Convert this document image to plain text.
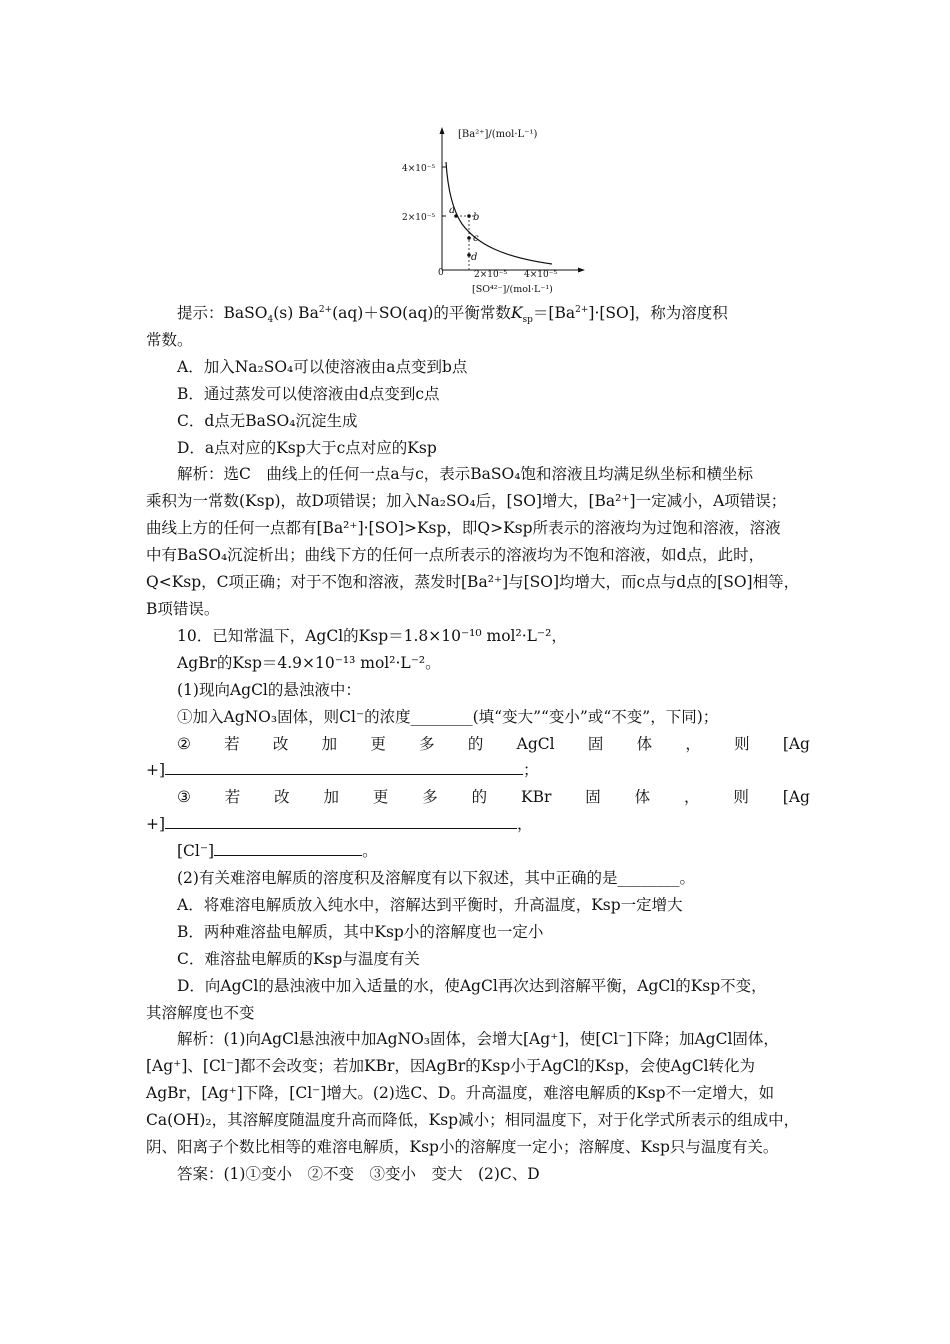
[Ba²⁺]/(mol·L⁻¹)
4×10⁻⁵
2×10⁻⁵
0	2×10⁻⁵ 4×10⁻⁵
[SO⁴²⁻]/(mol·L⁻¹)
a
b
c
d

提示：BaSO$_4$(s) $Ba^{2+}(aq)+SO(aq)$的平衡常数$K_{sp}=[Ba^{2+}]\cdot[SO]$，称为溶度积

常数。

A．加入Na₂SO₄可以使溶液由a点变到b点

B．通过蒸发可以使溶液由d点变到c点

C．d点无BaSO₄沉淀生成

D．a点对应的Ksp大于c点对应的Ksp

解析：选C　曲线上的任何一点a与c，表示BaSO₄饱和溶液且均满足纵坐标和横坐标

乘积为一常数(Ksp)，故D项错误；加入Na₂SO₄后，[SO]增大，[Ba²⁺]一定减小，A项错误；

曲线上方的任何一点都有[Ba²⁺]·[SO]>Ksp，即Q>Ksp所表示的溶液均为过饱和溶液，溶液

中有BaSO₄沉淀析出；曲线下方的任何一点所表示的溶液均为不饱和溶液，如d点，此时，

Q<Ksp，C项正确；对于不饱和溶液，蒸发时[Ba²⁺]与[SO]均增大，而c点与d点的[SO]相等，

B项错误。

10．已知常温下，AgCl的Ksp＝1.8×10⁻¹⁰ mol²·L⁻²，

AgBr的Ksp＝4.9×10⁻¹³ mol²·L⁻²。

(1)现向AgCl的悬浊液中：

①加入AgNO₃固体，则Cl⁻的浓度________(填“变大”“变小”或“不变”，下同)；

② 若 改 加 更 多 的 AgCl 固 体 ， 则 [Ag

+]	；

③ 若 改 加 更 多 的 KBr 固 体 ， 则 [Ag

+]	，

[Cl⁻]	。

(2)有关难溶电解质的溶度积及溶解度有以下叙述，其中正确的是________。

A．将难溶电解质放入纯水中，溶解达到平衡时，升高温度，Ksp一定增大

B．两种难溶盐电解质，其中Ksp小的溶解度也一定小

C．难溶盐电解质的Ksp与温度有关

D．向AgCl的悬浊液中加入适量的水，使AgCl再次达到溶解平衡，AgCl的Ksp不变，

其溶解度也不变

解析：(1)向AgCl悬浊液中加AgNO₃固体，会增大[Ag⁺]，使[Cl⁻]下降；加AgCl固体，

[Ag⁺]、[Cl⁻]都不会改变；若加KBr，因AgBr的Ksp小于AgCl的Ksp，会使AgCl转化为

AgBr，[Ag⁺]下降，[Cl⁻]增大。(2)选C、D。升高温度，难溶电解质的Ksp不一定增大，如

Ca(OH)₂，其溶解度随温度升高而降低，Ksp减小；相同温度下，对于化学式所表示的组成中，

阴、阳离子个数比相等的难溶电解质，Ksp小的溶解度一定小；溶解度、Ksp只与温度有关。

答案：(1)①变小　②不变　③变小　变大　(2)C、D
